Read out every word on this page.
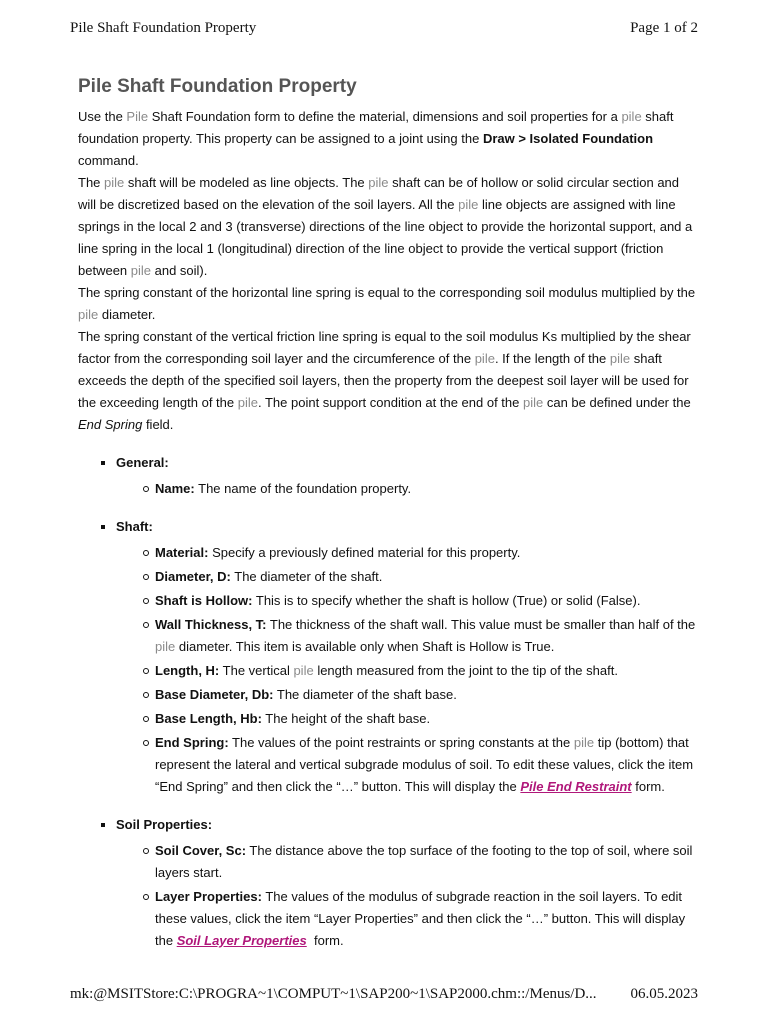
Pile Shaft Foundation Property	Page 1 of 2
Pile Shaft Foundation Property

Use the Pile Shaft Foundation form to define the material, dimensions and soil properties for a pile shaft foundation property. This property can be assigned to a joint using the Draw > Isolated Foundation command.

The pile shaft will be modeled as line objects. The pile shaft can be of hollow or solid circular section and will be discretized based on the elevation of the soil layers. All the pile line objects are assigned with line springs in the local 2 and 3 (transverse) directions of the line object to provide the horizontal support, and a line spring in the local 1 (longitudinal) direction of the line object to provide the vertical support (friction between pile and soil).

The spring constant of the horizontal line spring is equal to the corresponding soil modulus multiplied by the pile diameter.

The spring constant of the vertical friction line spring is equal to the soil modulus Ks multiplied by the shear factor from the corresponding soil layer and the circumference of the pile. If the length of the pile shaft exceeds the depth of the specified soil layers, then the property from the deepest soil layer will be used for the exceeding length of the pile. The point support condition at the end of the pile can be defined under the End Spring field.

General:
Name: The name of the foundation property.
Shaft:
Material: Specify a previously defined material for this property.
Diameter, D: The diameter of the shaft.
Shaft is Hollow: This is to specify whether the shaft is hollow (True) or solid (False).
Wall Thickness, T: The thickness of the shaft wall. This value must be smaller than half of the pile diameter. This item is available only when Shaft is Hollow is True.
Length, H: The vertical pile length measured from the joint to the tip of the shaft.
Base Diameter, Db: The diameter of the shaft base.
Base Length, Hb: The height of the shaft base.
End Spring: The values of the point restraints or spring constants at the pile tip (bottom) that represent the lateral and vertical subgrade modulus of soil. To edit these values, click the item “End Spring” and then click the “…” button. This will display the Pile End Restraint form.
Soil Properties:
Soil Cover, Sc: The distance above the top surface of the footing to the top of soil, where soil layers start.
Layer Properties: The values of the modulus of subgrade reaction in the soil layers. To edit these values, click the item “Layer Properties” and then click the “…” button. This will display the Soil Layer Properties  form.
mk:@MSITStore:C:\PROGRA~1\COMPUT~1\SAP200~1\SAP2000.chm::/Menus/D... 06.05.2023
